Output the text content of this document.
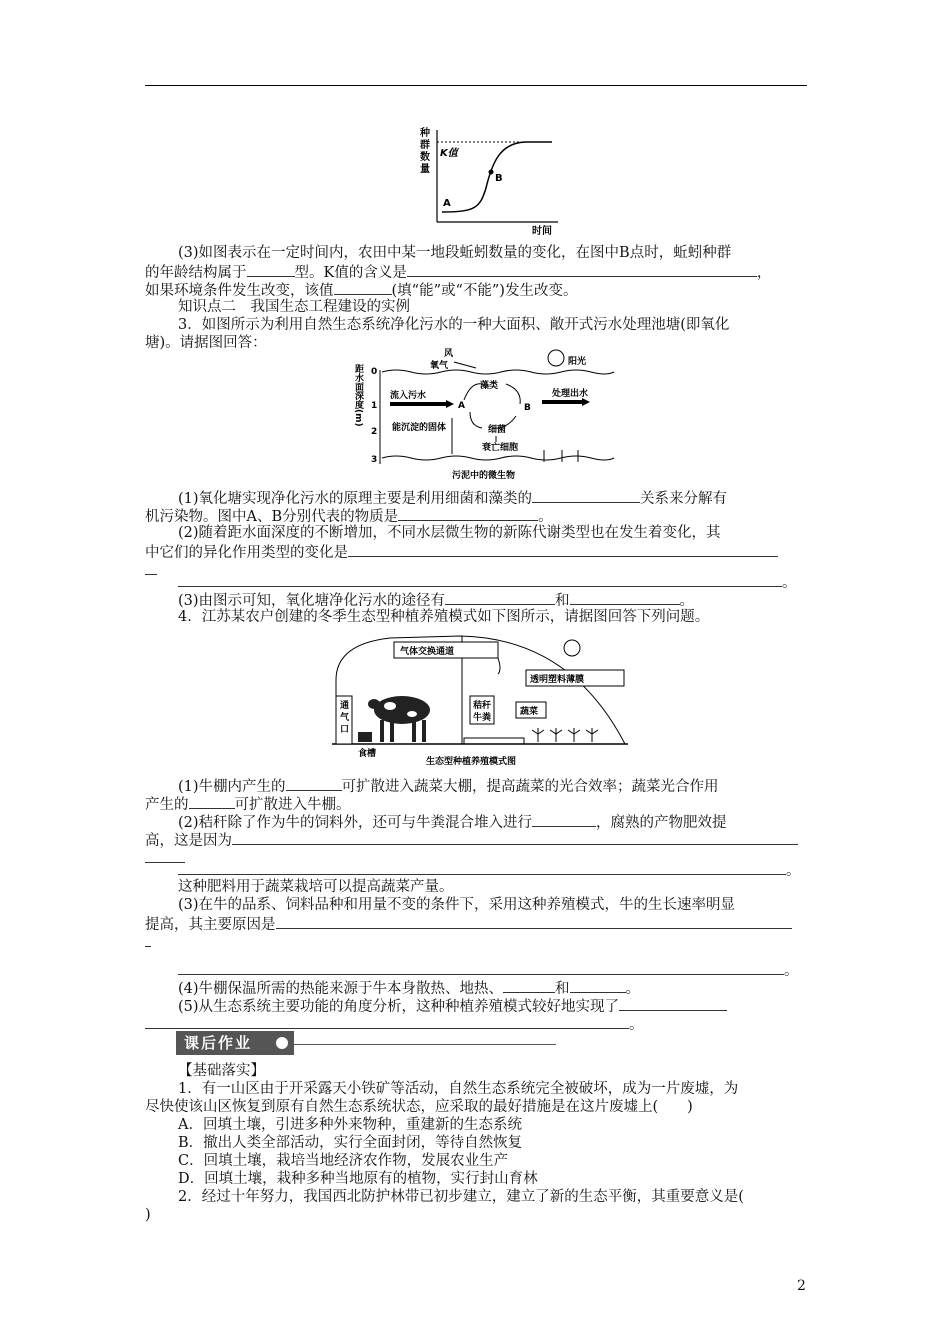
种
群
数
量
K值
A
B
时间
(3)如图表示在一定时间内，农田中某一地段蚯蚓数量的变化，在图中B点时，蚯蚓种群
的年龄结构属于	型。K值的含义是	，
如果环境条件发生改变，该值	(填“能”或“不能”)发生改变。
知识点二　我国生态工程建设的实例
3．如图所示为利用自然生态系统净化污水的一种大面积、敞开式污水处理池塘(即氧化
塘)。请据图回答：
距水面深度(m) 0
1
2
3
风
氧气	阳光
流入污水
A
藻类
B
细菌
处理出水
能沉淀的固体
衰亡细胞
污泥中的微生物
(1)氧化塘实现净化污水的原理主要是利用细菌和藻类的	关系来分解有
机污染物。图中A、B分别代表的物质是	。
(2)随着距水面深度的不断增加，不同水层微生物的新陈代谢类型也在发生着变化，其
中它们的异化作用类型的变化是
。
(3)由图示可知，氧化塘净化污水的途径有	和	。
4．江苏某农户创建的冬季生态型种植养殖模式如下图所示，请据图回答下列问题。
气体交换通道
透明塑料薄膜
通
气
口
食槽
秸秆
牛粪
蔬菜
生态型种植养殖模式图
(1)牛棚内产生的	可扩散进入蔬菜大棚，提高蔬菜的光合效率；蔬菜光合作用
产生的	可扩散进入牛棚。
(2)秸秆除了作为牛的饲料外，还可与牛粪混合堆入进行	，腐熟的产物肥效提
高，这是因为
。
这种肥料用于蔬菜栽培可以提高蔬菜产量。
(3)在牛的品系、饲料品种和用量不变的条件下，采用这种养殖模式，牛的生长速率明显
提高，其主要原因是
。
(4)牛棚保温所需的热能来源于牛本身散热、地热、	和	。
(5)从生态系统主要功能的角度分析，这种种植养殖模式较好地实现了
。
课后作业
【基础落实】
1．有一山区由于开采露天小铁矿等活动，自然生态系统完全被破坏，成为一片废墟，为
尽快使该山区恢复到原有自然生态系统状态，应采取的最好措施是在这片废墟上(　　)
A．回填土壤，引进多种外来物种，重建新的生态系统
B．撤出人类全部活动，实行全面封闭，等待自然恢复
C．回填土壤，栽培当地经济农作物，发展农业生产
D．回填土壤，栽种多种当地原有的植物，实行封山育林
2．经过十年努力，我国西北防护林带已初步建立，建立了新的生态平衡，其重要意义是(
)
2
